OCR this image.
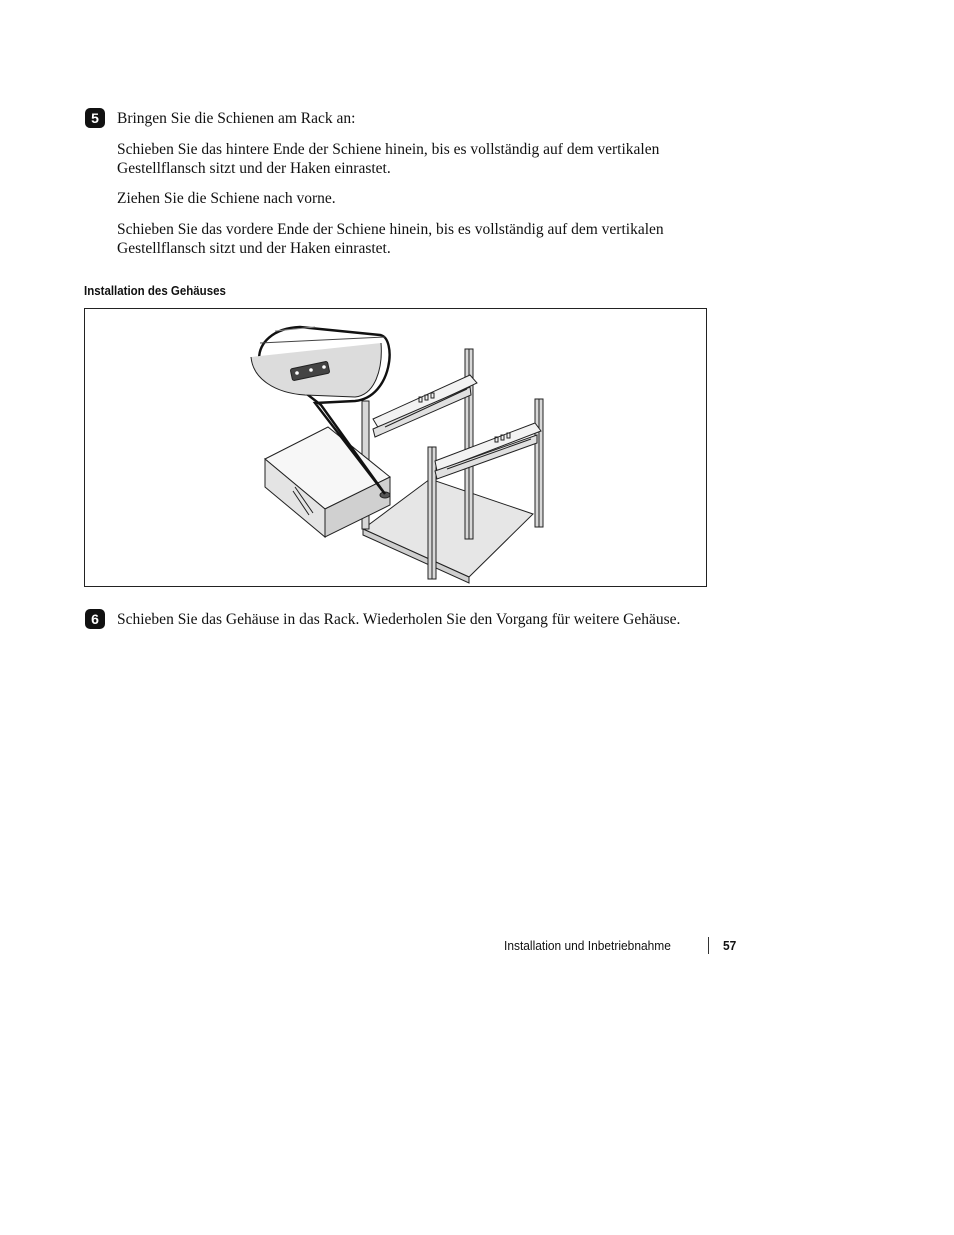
5	Bringen Sie die Schienen am Rack an:

Schieben Sie das hintere Ende der Schiene hinein, bis es vollständig auf dem vertikalen Gestellflansch sitzt und der Haken einrastet.

Ziehen Sie die Schiene nach vorne.

Schieben Sie das vordere Ende der Schiene hinein, bis es vollständig auf dem vertikalen Gestellflansch sitzt und der Haken einrastet.

Installation des Gehäuses
6	Schieben Sie das Gehäuse in das Rack. Wiederholen Sie den Vorgang für weitere Gehäuse.

Installation und Inbetriebnahme	57
